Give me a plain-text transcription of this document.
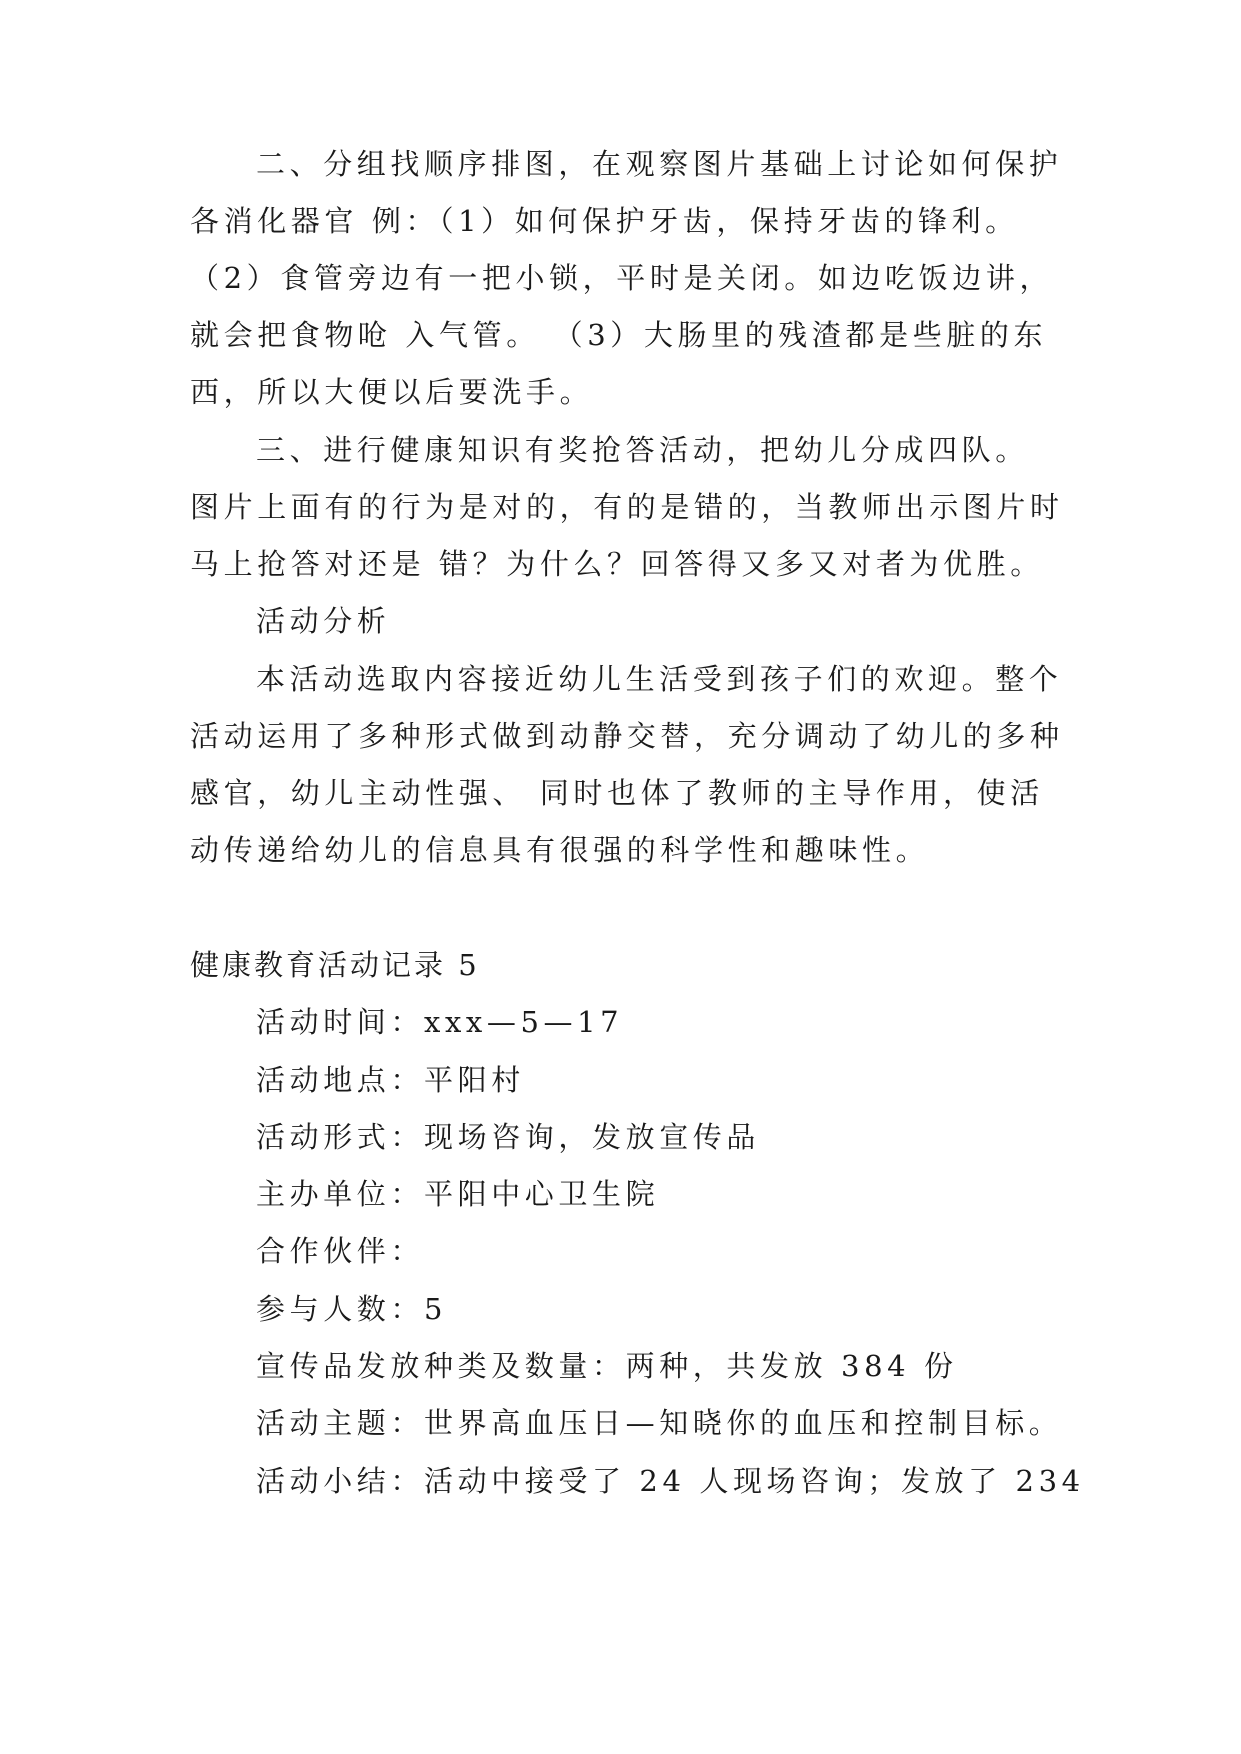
二、分组找顺序排图，在观察图片基础上讨论如何保护
各消化器官 例：（1）如何保护牙齿，保持牙齿的锋利。
（2）食管旁边有一把小锁，平时是关闭。如边吃饭边讲，
就会把食物呛 入气管。 （3）大肠里的残渣都是些脏的东
西，所以大便以后要洗手。
三、进行健康知识有奖抢答活动，把幼儿分成四队。
图片上面有的行为是对的，有的是错的，当教师出示图片时
马上抢答对还是 错？为什么？回答得又多又对者为优胜。
活动分析
本活动选取内容接近幼儿生活受到孩子们的欢迎。整个
活动运用了多种形式做到动静交替，充分调动了幼儿的多种
感官，幼儿主动性强、 同时也体了教师的主导作用，使活
动传递给幼儿的信息具有很强的科学性和趣味性。
健康教育活动记录 5
活动时间：xxx—5—17
活动地点：平阳村
活动形式：现场咨询，发放宣传品
主办单位：平阳中心卫生院
合作伙伴：
参与人数：5
宣传品发放种类及数量：两种，共发放 384 份
活动主题：世界高血压日—知晓你的血压和控制目标。
活动小结：活动中接受了 24 人现场咨询；发放了 234
